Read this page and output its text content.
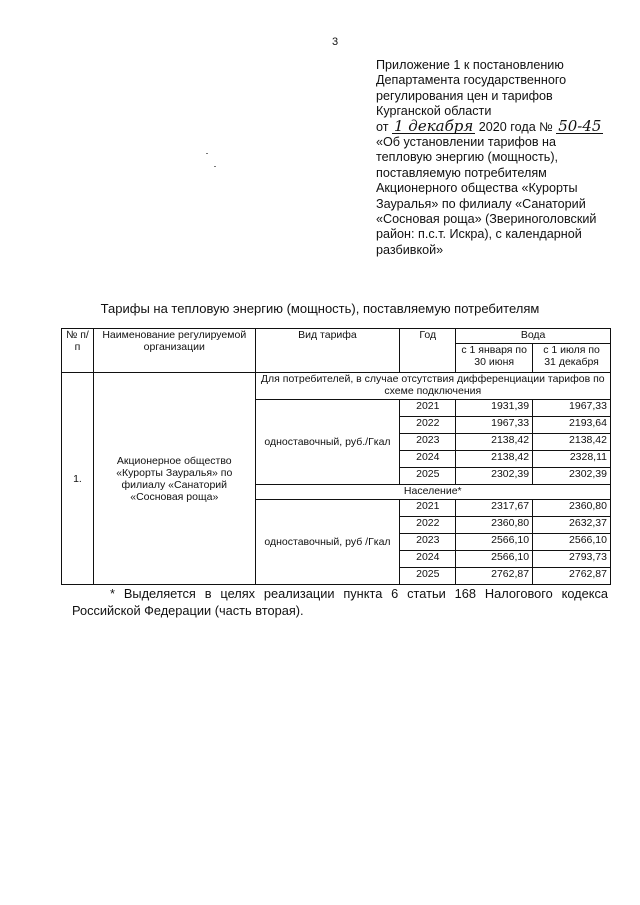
3
Приложение 1 к постановлению
Департамента государственного
регулирования цен и тарифов
Курганской области
от 1 декабря 2020 года № 50-45
«Об установлении тарифов на
тепловую энергию (мощность),
поставляемую потребителям
Акционерного общества «Курорты
Зауралья» по филиалу «Санаторий
«Сосновая роща» (Звериноголовский
район: п.с.т. Искра), с календарной
разбивкой»
Тарифы на тепловую энергию (мощность), поставляемую потребителям
№ п/п	Наименование регулируемой организации	Вид тарифа	Год	Вода	
				с 1 января по 30 июня	с 1 июля по 31 декабря
1.	Акционерное общество «Курорты Зауралья» по филиалу «Санаторий «Сосновая роща»	Для потребителей, в случае отсутствия дифференциации тарифов по схеме подключения			
		одноставочный, руб./Гкал	2021	1931,39	1967,33
			2022	1967,33	2193,64
			2023	2138,42	2138,42
			2024	2138,42	2328,11
			2025	2302,39	2302,39
		Население*			
		одноставочный, руб /Гкал	2021	2317,67	2360,80
			2022	2360,80	2632,37
			2023	2566,10	2566,10
			2024	2566,10	2793,73
			2025	2762,87	2762,87
* Выделяется в целях реализации пункта 6 статьи 168 Налогового кодекса Российской Федерации (часть вторая).
